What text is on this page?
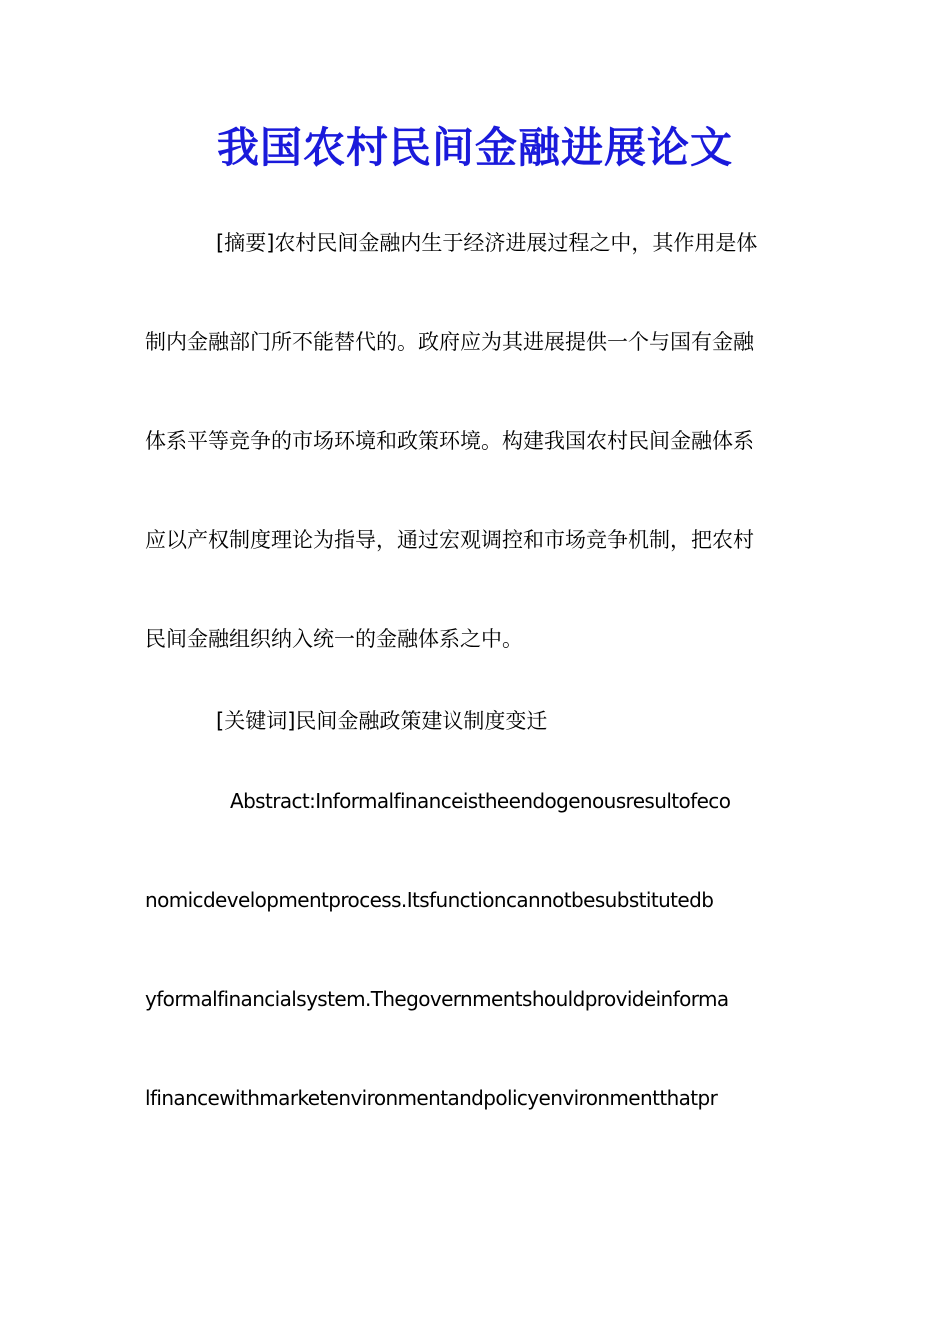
我国农村民间金融进展论文

[摘要]农村民间金融内生于经济进展过程之中，其作用是体

制内金融部门所不能替代的。政府应为其进展提供一个与国有金融

体系平等竞争的市场环境和政策环境。构建我国农村民间金融体系

应以产权制度理论为指导，通过宏观调控和市场竞争机制，把农村

民间金融组织纳入统一的金融体系之中。

[关键词]民间金融政策建议制度变迁

Abstract:Informalfinanceistheendogenousresultofeco

nomicdevelopmentprocess.Itsfunctioncannotbesubstitutedb

yformalfinancialsystem.Thegovernmentshouldprovideinforma

lfinancewithmarketenvironmentandpolicyenvironmentthatpr
